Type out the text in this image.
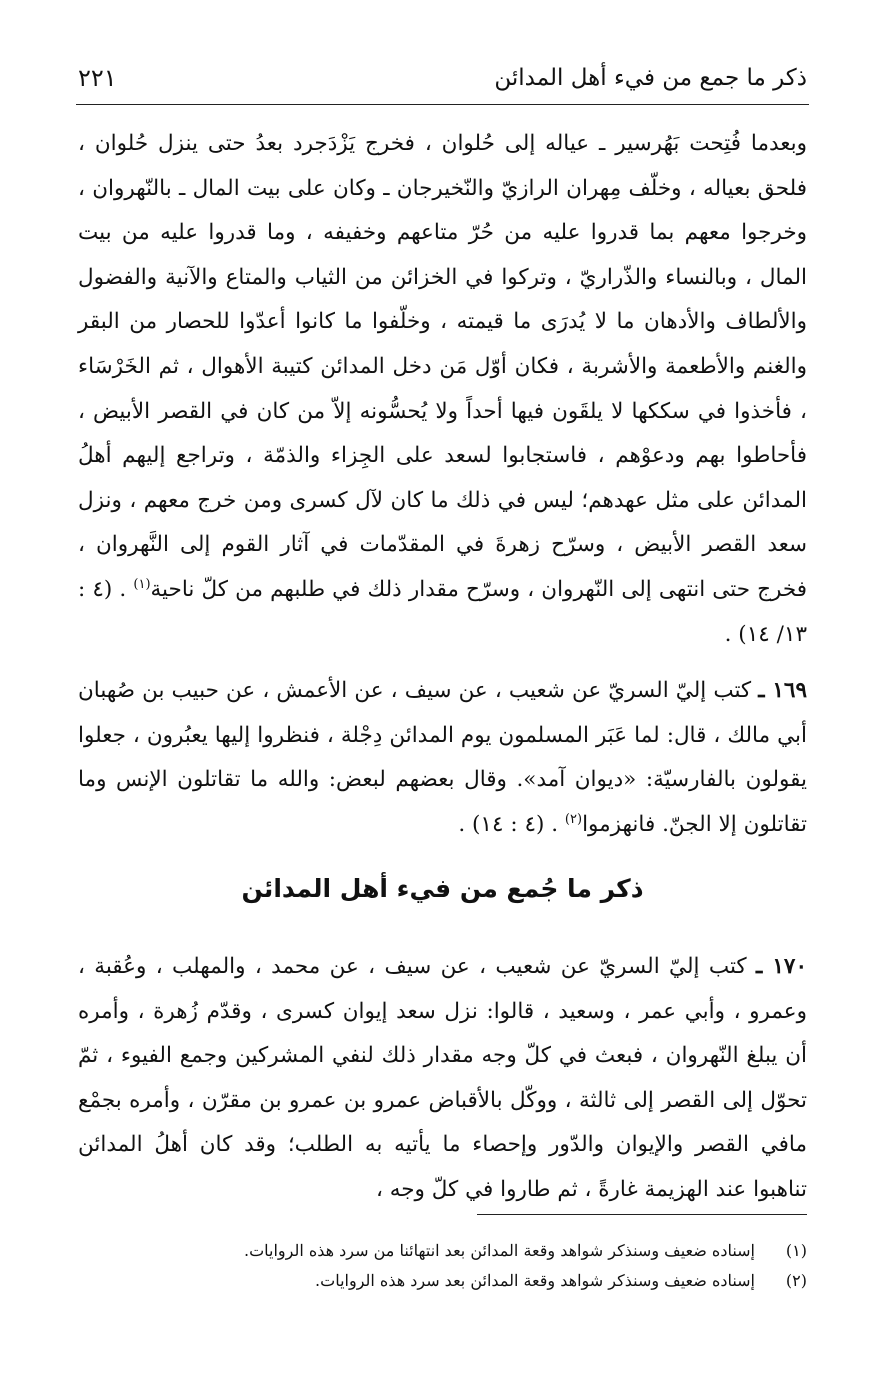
ذكر ما جمع من فيء أهل المدائن
٢٢١

وبعدما فُتِحت بَهُرسير ـ عياله إلى حُلوان ، فخرج يَزْدَجرد بعدُ حتى ينزل حُلوان ، فلحق بعياله ، وخلّف مِهران الرازيّ والنّخيرجان ـ وكان على بيت المال ـ بالنّهروان ، وخرجوا معهم بما قدروا عليه من حُرّ متاعهم وخفيفه ، وما قدروا عليه من بيت المال ، وبالنساء والذّراريّ ، وتركوا في الخزائن من الثياب والمتاع والآنية والفضول والألطاف والأدهان ما لا يُدرَى ما قيمته ، وخلّفوا ما كانوا أعدّوا للحصار من البقر والغنم والأطعمة والأشربة ، فكان أوّل مَن دخل المدائن كتيبة الأهوال ، ثم الخَرْسَاء ، فأخذوا في سككها لا يلقَون فيها أحداً ولا يُحسُّونه إلاّ من كان في القصر الأبيض ، فأحاطوا بهم ودعوْهم ، فاستجابوا لسعد على الجِزاء والذمّة ، وتراجع إليهم أهلُ المدائن على مثل عهدهم؛ ليس في ذلك ما كان لآل كسرى ومن خرج معهم ، ونزل سعد القصر الأبيض ، وسرّح زهرةَ في المقدّمات في آثار القوم إلى النَّهروان ، فخرج حتى انتهى إلى النّهروان ، وسرّح مقدار ذلك في طلبهم من كلّ ناحية$^{(١)}$ . (٤ : ١٣/ ١٤) .

١٦٩ ـ كتب إليّ السريّ عن شعيب ، عن سيف ، عن الأعمش ، عن حبيب بن صُهبان أبي مالك ، قال: لما عَبَر المسلمون يوم المدائن دِجْلة ، فنظروا إليها يعبُرون ، جعلوا يقولون بالفارسيّة: «ديوان آمد». وقال بعضهم لبعض: والله ما تقاتلون الإنس وما تقاتلون إلا الجنّ. فانهزموا$^{(٢)}$ . (٤ : ١٤) .

ذكر ما جُمع من فيء أهل المدائن

١٧٠ ـ كتب إليّ السريّ عن شعيب ، عن سيف ، عن محمد ، والمهلب ، وعُقبة ، وعمرو ، وأبي عمر ، وسعيد ، قالوا: نزل سعد إيوان كسرى ، وقدّم زُهرة ، وأمره أن يبلغ النّهروان ، فبعث في كلّ وجه مقدار ذلك لنفي المشركين وجمع الفيوء ، ثمّ تحوّل إلى القصر إلى ثالثة ، ووكّل بالأقباض عمرو بن عمرو بن مقرّن ، وأمره بجمْع مافي القصر والإيوان والدّور وإحصاء ما يأتيه به الطلب؛ وقد كان أهلُ المدائن تناهبوا عند الهزيمة غارةً ، ثم طاروا في كلّ وجه ،

(١)
إسناده ضعيف وسنذكر شواهد وقعة المدائن بعد انتهائنا من سرد هذه الروايات.
(٢)
إسناده ضعيف وسنذكر شواهد وقعة المدائن بعد سرد هذه الروايات.
